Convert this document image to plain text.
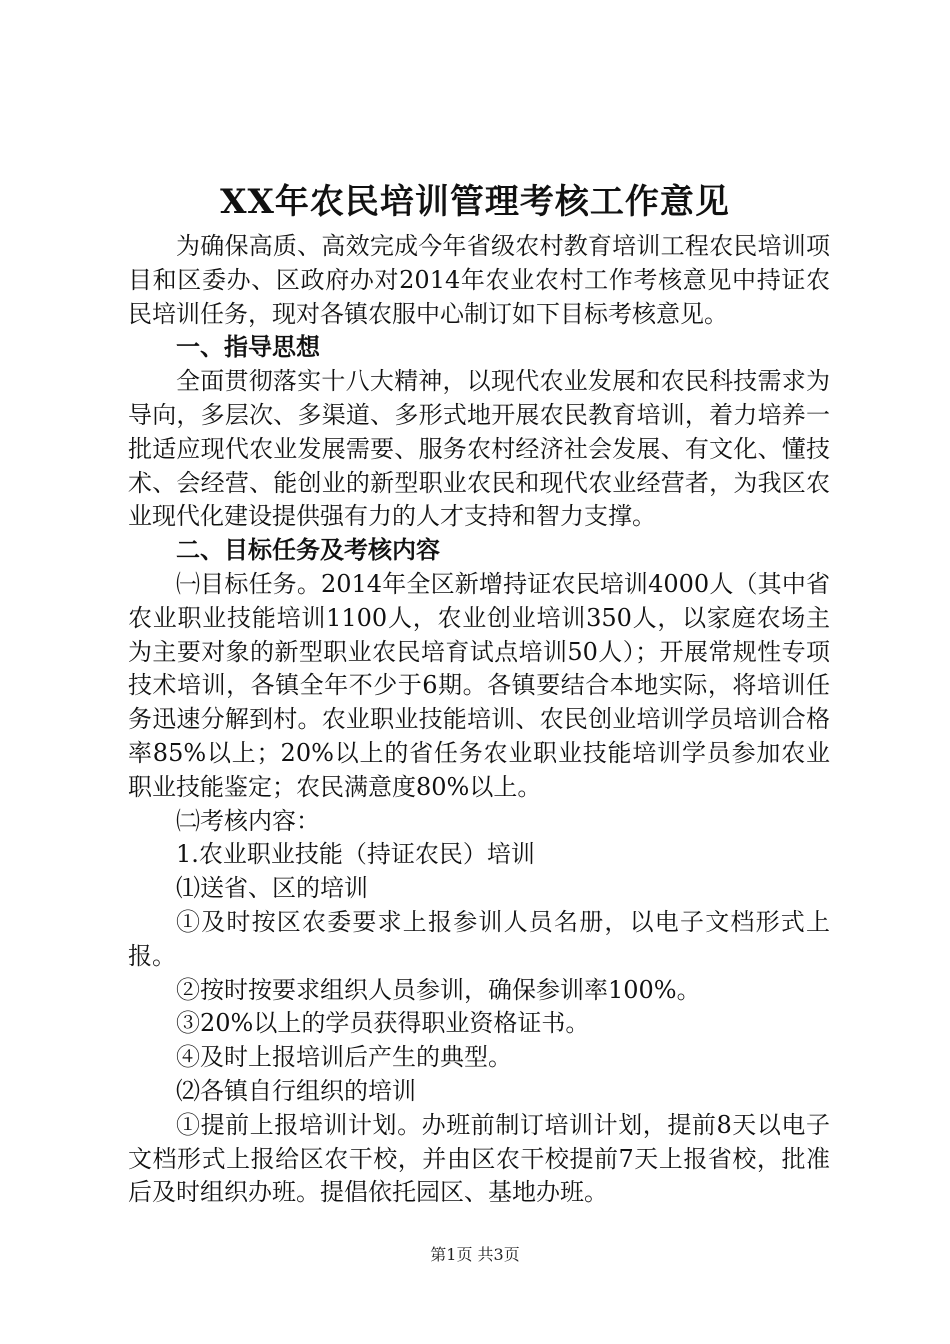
XX年农民培训管理考核工作意见

为确保高质、高效完成今年省级农村教育培训工程农民培训项目和区委办、区政府办对2014年农业农村工作考核意见中持证农民培训任务，现对各镇农服中心制订如下目标考核意见。

一、指导思想

全面贯彻落实十八大精神，以现代农业发展和农民科技需求为导向，多层次、多渠道、多形式地开展农民教育培训，着力培养一批适应现代农业发展需要、服务农村经济社会发展、有文化、懂技术、会经营、能创业的新型职业农民和现代农业经营者，为我区农业现代化建设提供强有力的人才支持和智力支撑。

二、目标任务及考核内容

㈠目标任务。2014年全区新增持证农民培训4000人（其中省农业职业技能培训1100人，农业创业培训350人，以家庭农场主为主要对象的新型职业农民培育试点培训50人）；开展常规性专项技术培训，各镇全年不少于6期。各镇要结合本地实际，将培训任务迅速分解到村。农业职业技能培训、农民创业培训学员培训合格率85%以上；20%以上的省任务农业职业技能培训学员参加农业职业技能鉴定；农民满意度80%以上。

㈡考核内容：

1.农业职业技能（持证农民）培训

⑴送省、区的培训

①及时按区农委要求上报参训人员名册，以电子文档形式上报。

②按时按要求组织人员参训，确保参训率100%。

③20%以上的学员获得职业资格证书。

④及时上报培训后产生的典型。

⑵各镇自行组织的培训

①提前上报培训计划。办班前制订培训计划，提前8天以电子文档形式上报给区农干校，并由区农干校提前7天上报省校，批准后及时组织办班。提倡依托园区、基地办班。

第1页 共3页
